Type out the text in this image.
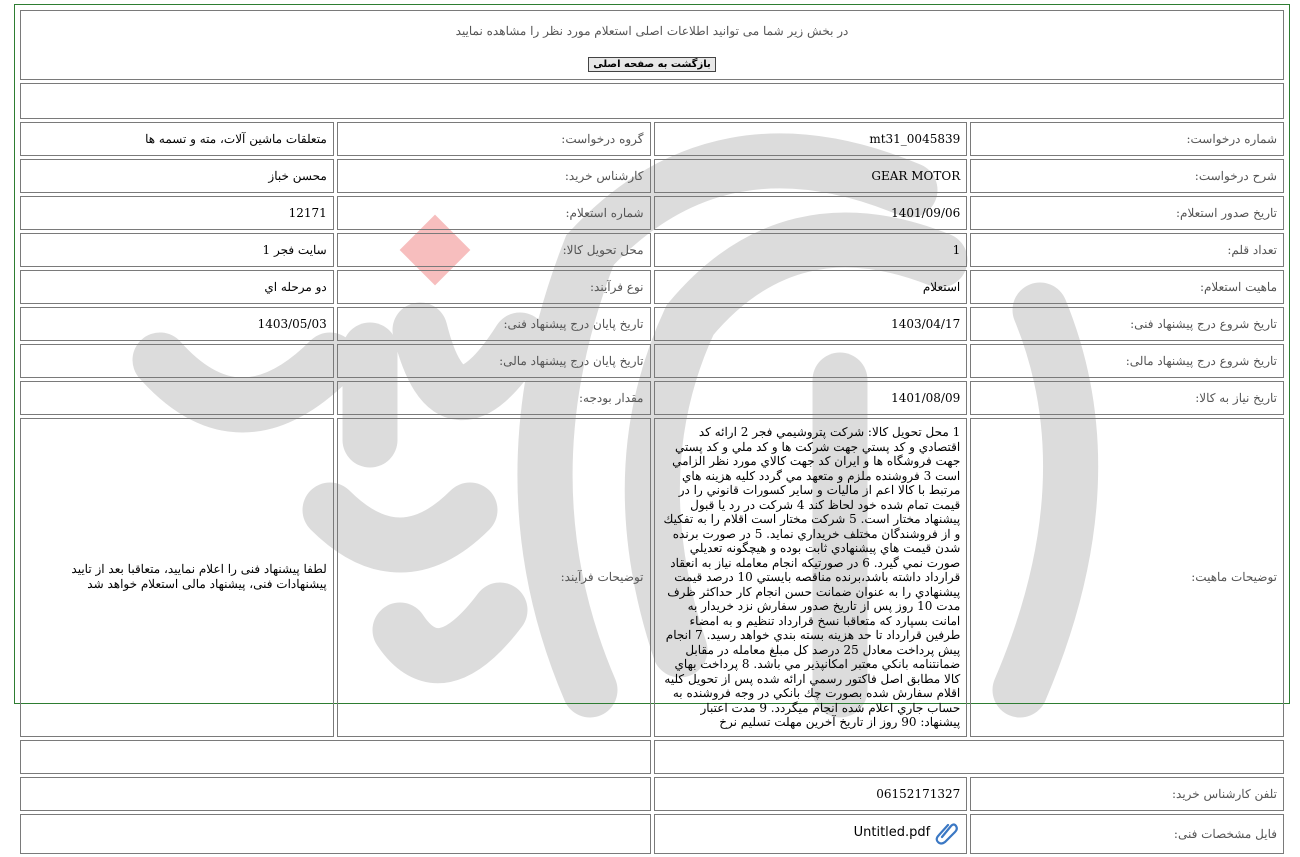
در بخش زیر شما می توانید اطلاعات اصلی استعلام مورد نظر را مشاهده نمایید
بازگشت به صفحه اصلی			

شماره درخواست:	mt31_0045839	گروه درخواست:	متعلقات ماشين آلات، مته و تسمه ها
شرح درخواست:	GEAR MOTOR	کارشناس خرید:	محسن خباز
تاریخ صدور استعلام:	1401/09/06	شماره استعلام:	12171
تعداد قلم:	1	محل تحویل کالا:	سایت فجر 1
ماهیت استعلام:	استعلام	نوع فرآیند:	دو مرحله اي
تاریخ شروع درج پیشنهاد فنی:	1403/04/17	تاریخ پایان درج پیشنهاد فنی:	1403/05/03
تاریخ شروع درج پیشنهاد مالی:		تاریخ پایان درج پیشنهاد مالی:	
تاریخ نیاز به کالا:	1401/08/09	مقدار بودجه:	
توضیحات ماهیت:	1 محل تحويل كالا: شركت پتروشيمي فجر 2 ارائه كد اقتصادي و كد پستي جهت شركت ها و كد ملي و كد پستي جهت فروشگاه ها و ايران كد جهت كالاي مورد نظر الزامي است 3 فروشنده ملزم و متعهد مي گردد كليه هزينه هاي مرتبط با كالا اعم از ماليات و ساير كسورات قانوني را در قيمت تمام شده خود لحاظ كند 4 شركت در رد يا قبول پيشنهاد مختار است. 5 شركت مختار است اقلام را به تفكيك و از فروشندگان مختلف خريداري نمايد. 5 در صورت برنده شدن قيمت هاي پيشنهادي ثابت بوده و هيچگونه تعديلي صورت نمي گيرد. 6 در صورتيكه انجام معامله نياز به انعقاد قرارداد داشته باشد،برنده مناقصه بايستي 10 درصد قيمت پيشنهادي را به عنوان ضمانت حسن انجام كار حداكثر ظرف مدت 10 روز پس از تاريخ صدور سفارش نزد خريدار به امانت بسپارد كه متعاقبا نسخ قرارداد تنظيم و به امضاء طرفين قرارداد تا حد هزينه بسته بندي خواهد رسيد. 7 انجام پيش پرداخت معادل 25 درصد كل مبلغ معامله در مقابل ضمانتنامه بانكي معتبر امكانپذير مي باشد. 8 پرداخت بهاي كالا مطابق اصل فاكتور رسمي ارائه شده پس از تحويل كليه اقلام سفارش شده بصورت چك بانكي در وجه فروشنده به حساب جاري اعلام شده انجام ميگردد. 9 مدت اعتبار پيشنهاد: 90 روز از تاريخ آخرين مهلت تسليم نرخ	توضیحات فرآیند:	لطفا پیشنهاد فنی را اعلام نمایید، متعاقبا بعد از تایید پیشنهادات فنی، پیشنهاد مالی استعلام خواهد شد

تلفن کارشناس خرید:	06152171327		
فایل مشخصات فنی:	Untitled.pdf		
